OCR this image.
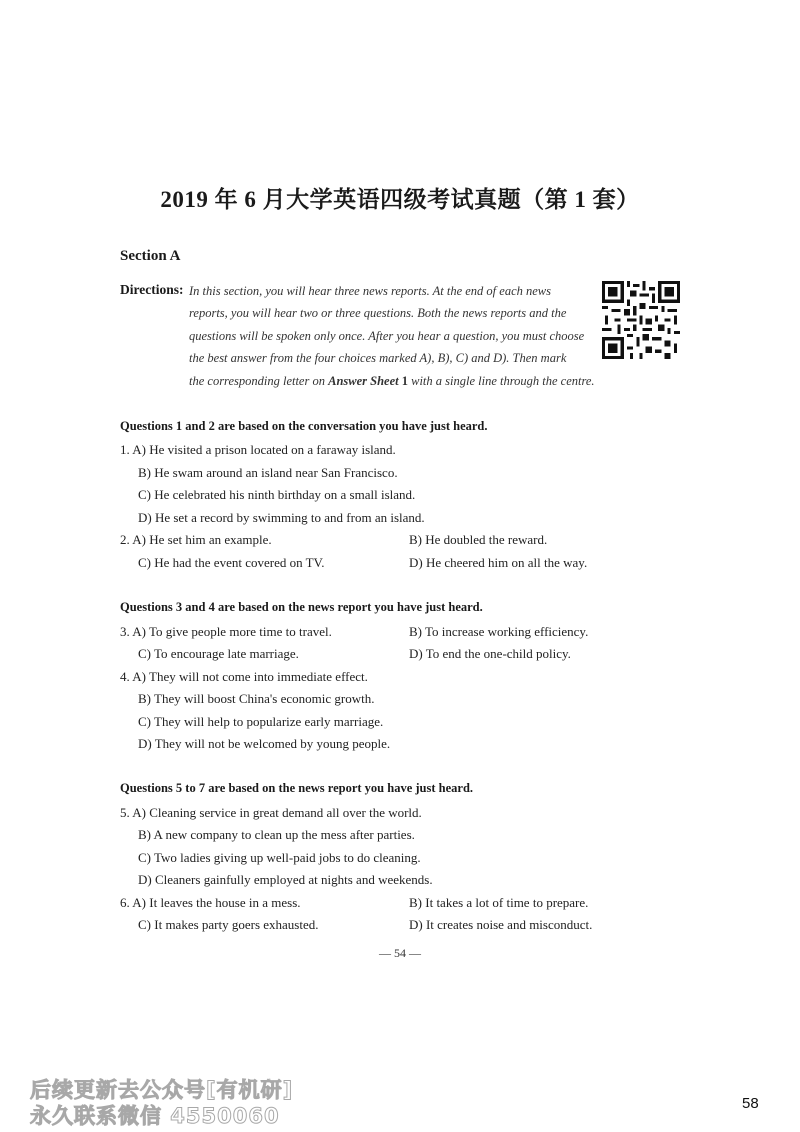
2019 年 6 月大学英语四级考试真题（第 1 套）
Section A
Directions: In this section, you will hear three news reports. At the end of each news
reports, you will hear two or three questions. Both the news reports and the
questions will be spoken only once. After you hear a question, you must choose
the best answer from the four choices marked A), B), C) and D). Then mark
the corresponding letter on Answer Sheet 1 with a single line through the centre.
Questions 1 and 2 are based on the conversation you have just heard.
1. A) He visited a prison located on a faraway island.
B) He swam around an island near San Francisco.
C) He celebrated his ninth birthday on a small island.
D) He set a record by swimming to and from an island.
2. A) He set him an example.	B) He doubled the reward.
C) He had the event covered on TV.	D) He cheered him on all the way.
Questions 3 and 4 are based on the news report you have just heard.
3. A) To give people more time to travel.	B) To increase working efficiency.
C) To encourage late marriage.	D) To end the one-child policy.
4. A) They will not come into immediate effect.
B) They will boost China's economic growth.
C) They will help to popularize early marriage.
D) They will not be welcomed by young people.
Questions 5 to 7 are based on the news report you have just heard.
5. A) Cleaning service in great demand all over the world.
B) A new company to clean up the mess after parties.
C) Two ladies giving up well-paid jobs to do cleaning.
D) Cleaners gainfully employed at nights and weekends.
6. A) It leaves the house in a mess.	B) It takes a lot of time to prepare.
C) It makes party goers exhausted.	D) It creates noise and misconduct.
— 54 —
后续更新去公众号[有机研]
永久联系微信 4550060
58
